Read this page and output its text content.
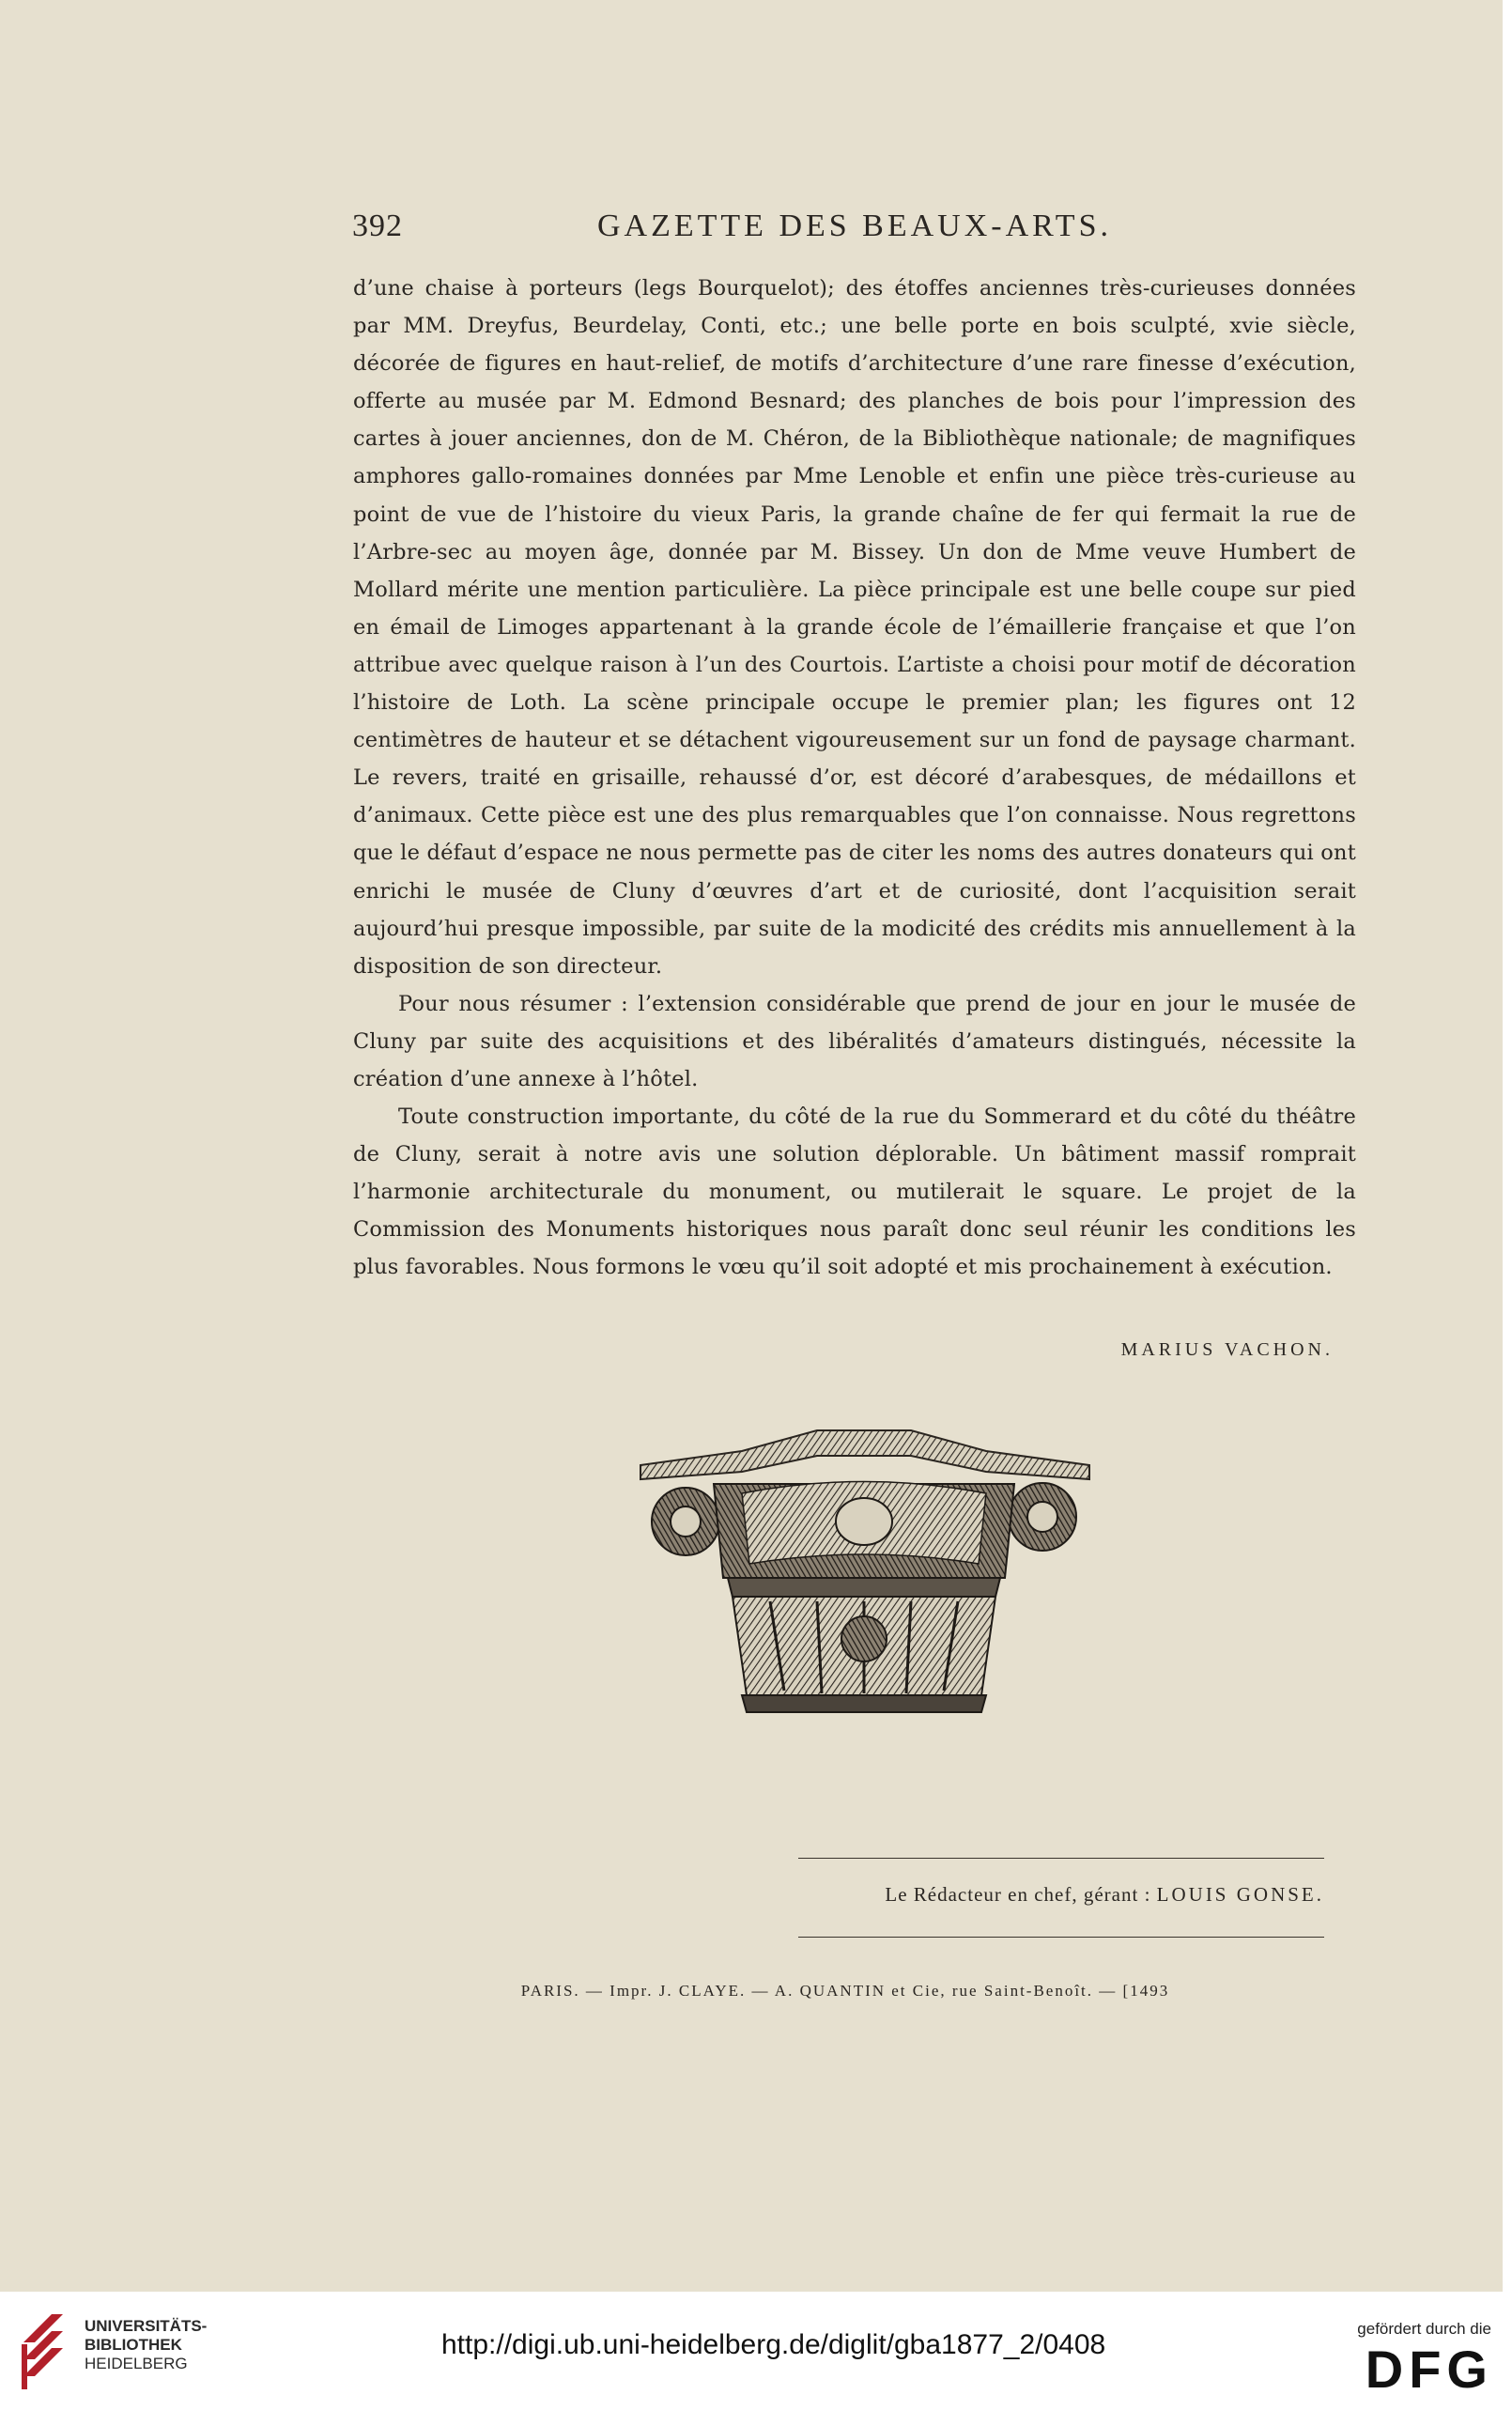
392	GAZETTE DES BEAUX-ARTS.

d’une chaise à porteurs (legs Bourquelot); des étoffes anciennes très-curieuses données par MM. Dreyfus, Beurdelay, Conti, etc.; une belle porte en bois sculpté, xvie siècle, décorée de figures en haut-relief, de motifs d’architecture d’une rare finesse d’exécution, offerte au musée par M. Edmond Besnard; des planches de bois pour l’impression des cartes à jouer anciennes, don de M. Chéron, de la Bibliothèque nationale; de magnifiques amphores gallo-romaines données par Mme Lenoble et enfin une pièce très-curieuse au point de vue de l’histoire du vieux Paris, la grande chaîne de fer qui fermait la rue de l’Arbre-sec au moyen âge, donnée par M. Bissey. Un don de Mme veuve Humbert de Mollard mérite une mention particulière. La pièce principale est une belle coupe sur pied en émail de Limoges appartenant à la grande école de l’émaillerie française et que l’on attribue avec quelque raison à l’un des Courtois. L’artiste a choisi pour motif de décoration l’histoire de Loth. La scène principale occupe le premier plan; les figures ont 12 centimètres de hauteur et se détachent vigoureusement sur un fond de paysage charmant. Le revers, traité en grisaille, rehaussé d’or, est décoré d’arabesques, de médaillons et d’animaux. Cette pièce est une des plus remarquables que l’on connaisse. Nous regrettons que le défaut d’espace ne nous permette pas de citer les noms des autres donateurs qui ont enrichi le musée de Cluny d’œuvres d’art et de curiosité, dont l’acquisition serait aujourd’hui presque impossible, par suite de la modicité des crédits mis annuellement à la disposition de son directeur.

Pour nous résumer : l’extension considérable que prend de jour en jour le musée de Cluny par suite des acquisitions et des libéralités d’amateurs distingués, nécessite la création d’une annexe à l’hôtel.

Toute construction importante, du côté de la rue du Sommerard et du côté du théâtre de Cluny, serait à notre avis une solution déplorable. Un bâtiment massif romprait l’harmonie architecturale du monument, ou mutilerait le square. Le projet de la Commission des Monuments historiques nous paraît donc seul réunir les conditions les plus favorables. Nous formons le vœu qu’il soit adopté et mis prochainement à exécution.

MARIUS VACHON.
Le Rédacteur en chef, gérant : LOUIS GONSE.
PARIS. — Impr. J. CLAYE. — A. QUANTIN et Cie, rue Saint-Benoît. — [1493
UNIVERSITÄTS-
BIBLIOTHEK
HEIDELBERG
http://digi.ub.uni-heidelberg.de/diglit/gba1877_2/0408
gefördert durch die
DFG
